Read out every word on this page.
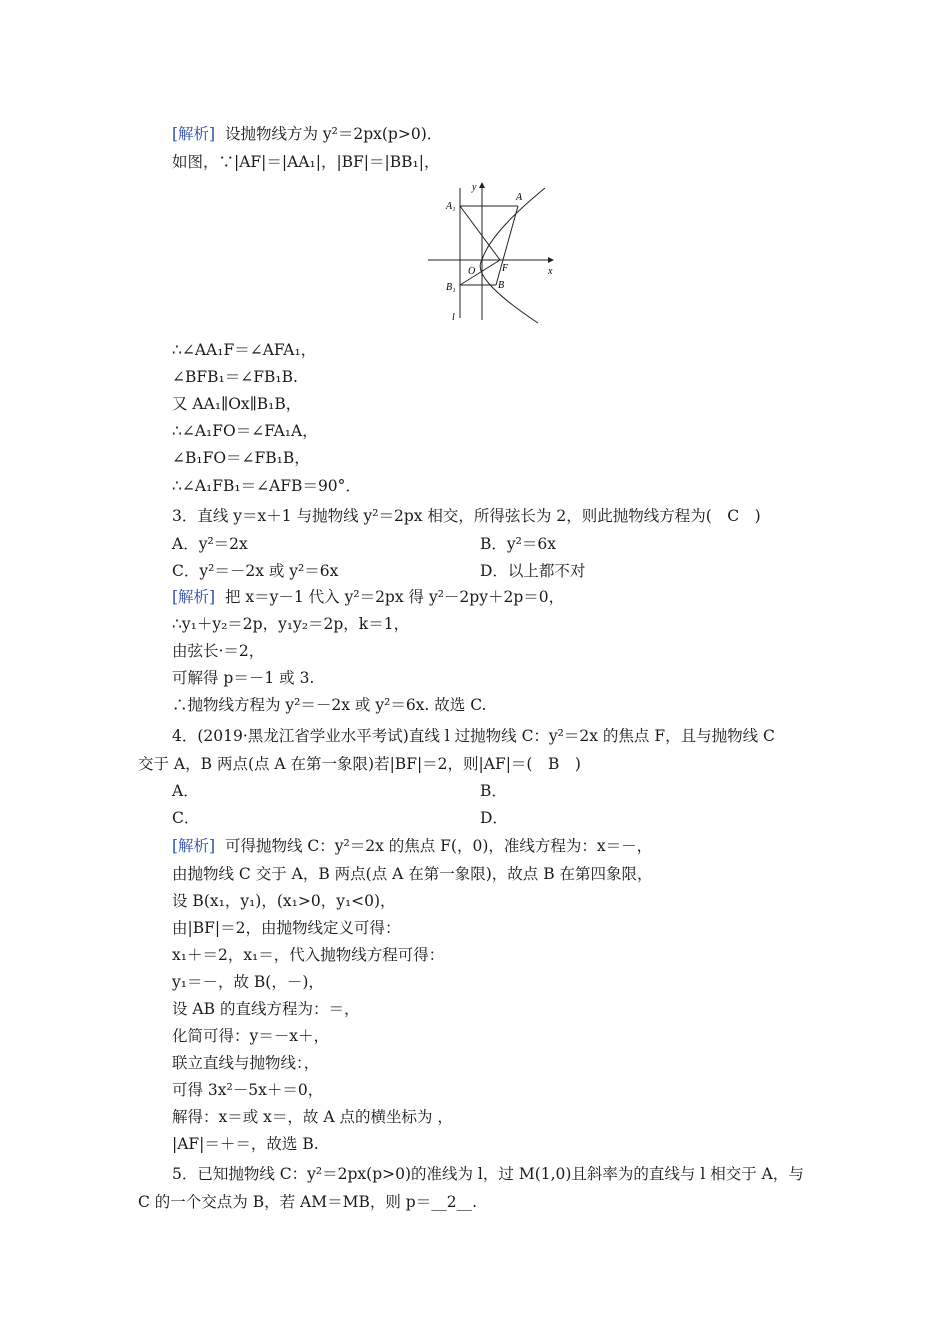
[解析]  设抛物线方为 y²＝2px(p>0)．
如图，∵|AF|＝|AA₁|，|BF|＝|BB₁|，
∴∠AA₁F＝∠AFA₁，
∠BFB₁＝∠FB₁B.
又 AA₁∥Ox∥B₁B，
∴∠A₁FO＝∠FA₁A，
∠B₁FO＝∠FB₁B，
∴∠A₁FB₁＝∠AFB＝90°．
3．直线 y＝x＋1 与抛物线 y²＝2px 相交，所得弦长为 2，则此抛物线方程为(　C　)
A．y²＝2x	B．y²＝6x
C．y²＝－2x 或 y²＝6x	D．以上都不对
[解析]  把 x＝y－1 代入 y²＝2px 得 y²－2py＋2p＝0，
∴y₁＋y₂＝2p，y₁y₂＝2p，k＝1，
由弦长·＝2，
可解得 p＝－1 或 3.
∴抛物线方程为 y²＝－2x 或 y²＝6x. 故选 C.
4．(2019·黑龙江省学业水平考试)直线 l 过抛物线 C：y²＝2x 的焦点 F，且与抛物线 C
交于 A，B 两点(点 A 在第一象限)若|BF|＝2，则|AF|＝(　B　)
A．	B．
C．	D．
[解析]  可得抛物线 C：y²＝2x 的焦点 F(，0)，准线方程为：x＝－，
由抛物线 C 交于 A，B 两点(点 A 在第一象限)，故点 B 在第四象限，
设 B(x₁，y₁)，(x₁>0，y₁<0)，
由|BF|＝2，由抛物线定义可得：
x₁＋＝2，x₁＝，代入抛物线方程可得：
y₁＝－，故 B(，－)，
设 AB 的直线方程为：＝，
化简可得：y＝－x＋，
联立直线与抛物线：，
可得 3x²－5x＋＝0，
解得：x＝或 x＝，故 A 点的横坐标为 ，
|AF|＝＋＝，故选 B.
5．已知抛物线 C：y²＝2px(p>0)的准线为 l，过 M(1,0)且斜率为的直线与 l 相交于 A，与
C 的一个交点为 B，若 AM＝MB，则 p＝__2__.
y
x
A₁
A
O	F
B₁	B
l
